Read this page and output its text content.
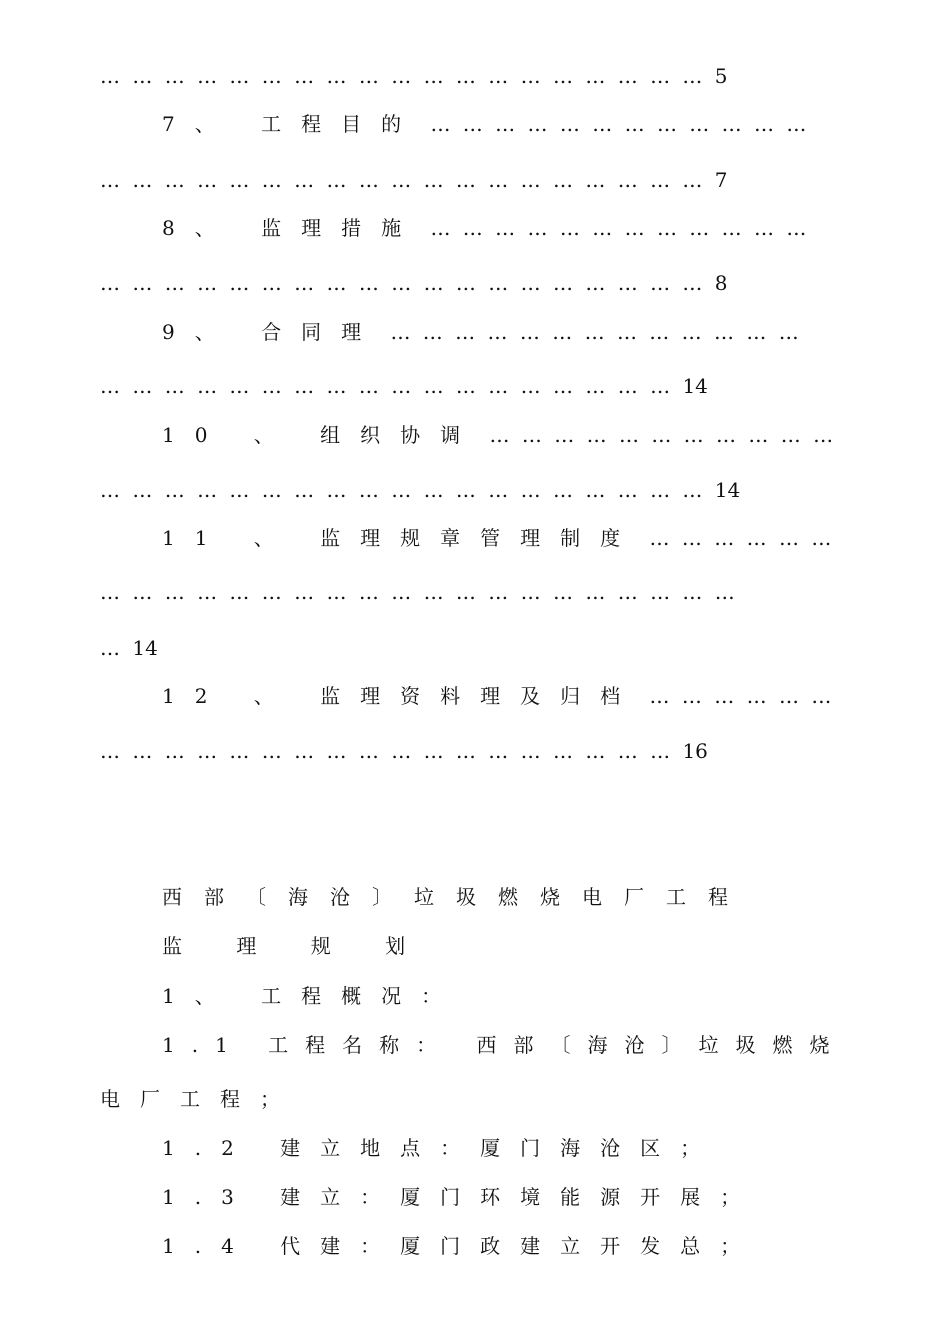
… … … … … … … … … … … … … … … … … … … 5
7、 工程目的 … … … … … … … … … … … …
… … … … … … … … … … … … … … … … … … … 7
8、 监理措施 … … … … … … … … … … … …
… … … … … … … … … … … … … … … … … … … 8
9、 合同理 … … … … … … … … … … … … …
… … … … … … … … … … … … … … … … … … 14
10 、 组织协调 … … … … … … … … … … …
… … … … … … … … … … … … … … … … … … … 14
11 、 监理规章管理制度 … … … … … …
… … … … … … … … … … … … … … … … … … … …
… 14
12 、 监理资料理及归档 … … … … … …
… … … … … … … … … … … … … … … … … … 16
西部〔海沧〕垃圾燃烧电厂工程
监 理 规 划
1、 工程概况：
1.1 工程名称： 西部〔海沧〕垃圾燃烧
电厂工程；
1.2 建立地点：厦门海沧区；
1.3 建立：厦门环境能源开展；
1.4 代建：厦门政建立开发总；
